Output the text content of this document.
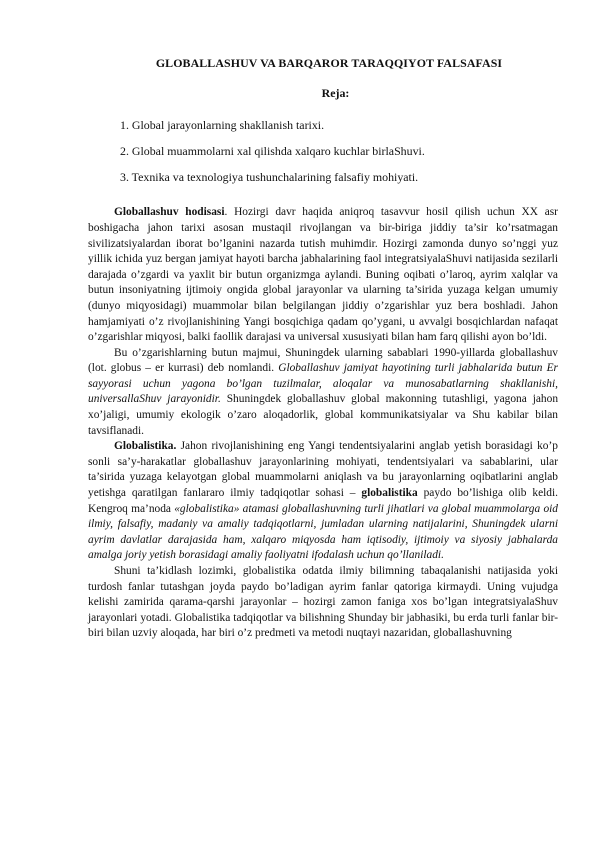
GLOBALLASHUV VA BARQAROR TARAQQIYOT FALSAFASI
Reja:
1. Global jarayonlarning shakllanish tarixi.
2. Global muammolarni xal qilishda xalqaro kuchlar birlaShuvi.
3. Texnika va texnologiya tushunchalarining falsafiy mohiyati.

Globallashuv hodisasi. Hozirgi davr haqida aniqroq tasavvur hosil qilish uchun XX asr boshigacha jahon tarixi asosan mustaqil rivojlangan va bir-biriga jiddiy ta’sir ko’rsatmagan sivilizatsiyalardan iborat bo’lganini nazarda tutish muhimdir. Hozirgi zamonda dunyo so’nggi yuz yillik ichida yuz bergan jamiyat hayoti barcha jabhalarining faol integratsiyalaShuvi natijasida sezilarli darajada o’zgardi va yaxlit bir butun organizmga aylandi. Buning oqibati o’laroq, ayrim xalqlar va butun insoniyatning ijtimoiy ongida global jarayonlar va ularning ta’sirida yuzaga kelgan umumiy (dunyo miqyosidagi) muammolar bilan belgilangan jiddiy o’zgarishlar yuz bera boshladi. Jahon hamjamiyati o’z rivojlanishining Yangi bosqichiga qadam qo’ygani, u avvalgi bosqichlardan nafaqat o’zgarishlar miqyosi, balki faollik darajasi va universal xususiyati bilan ham farq qilishi ayon bo’ldi.

Bu o’zgarishlarning butun majmui, Shuningdek ularning sabablari 1990-yillarda globallashuv (lot. globus – er kurrasi) deb nomlandi. Globallashuv jamiyat hayotining turli jabhalarida butun Er sayyorasi uchun yagona bo’lgan tuzilmalar, aloqalar va munosabatlarning shakllanishi, universallaShuv jarayonidir. Shuningdek globallashuv global makonning tutashligi, yagona jahon xo’jaligi, umumiy ekologik o’zaro aloqadorlik, global kommunikatsiyalar va Shu kabilar bilan tavsiflanadi.

Globalistika. Jahon rivojlanishining eng Yangi tendentsiyalarini anglab yetish borasidagi ko’p sonli sa’y-harakatlar globallashuv jarayonlarining mohiyati, tendentsiyalari va sabablarini, ular ta’sirida yuzaga kelayotgan global muammolarni aniqlash va bu jarayonlarning oqibatlarini anglab yetishga qaratilgan fanlararo ilmiy tadqiqotlar sohasi – globalistika paydo bo’lishiga olib keldi. Kengroq ma’noda «globalistika» atamasi globallashuvning turli jihatlari va global muammolarga oid ilmiy, falsafiy, madaniy va amaliy tadqiqotlarni, jumladan ularning natijalarini, Shuningdek ularni ayrim davlatlar darajasida ham, xalqaro miqyosda ham iqtisodiy, ijtimoiy va siyosiy jabhalarda amalga joriy yetish borasidagi amaliy faoliyatni ifodalash uchun qo’llaniladi.

Shuni ta’kidlash lozimki, globalistika odatda ilmiy bilimning tabaqalanishi natijasida yoki turdosh fanlar tutashgan joyda paydo bo’ladigan ayrim fanlar qatoriga kirmaydi. Uning vujudga kelishi zamirida qarama-qarshi jarayonlar – hozirgi zamon faniga xos bo’lgan integratsiyalaShuv jarayonlari yotadi. Globalistika tadqiqotlar va bilishning Shunday bir jabhasiki, bu erda turli fanlar bir-biri bilan uzviy aloqada, har biri o’z predmeti va metodi nuqtayi nazaridan, globallashuvning
